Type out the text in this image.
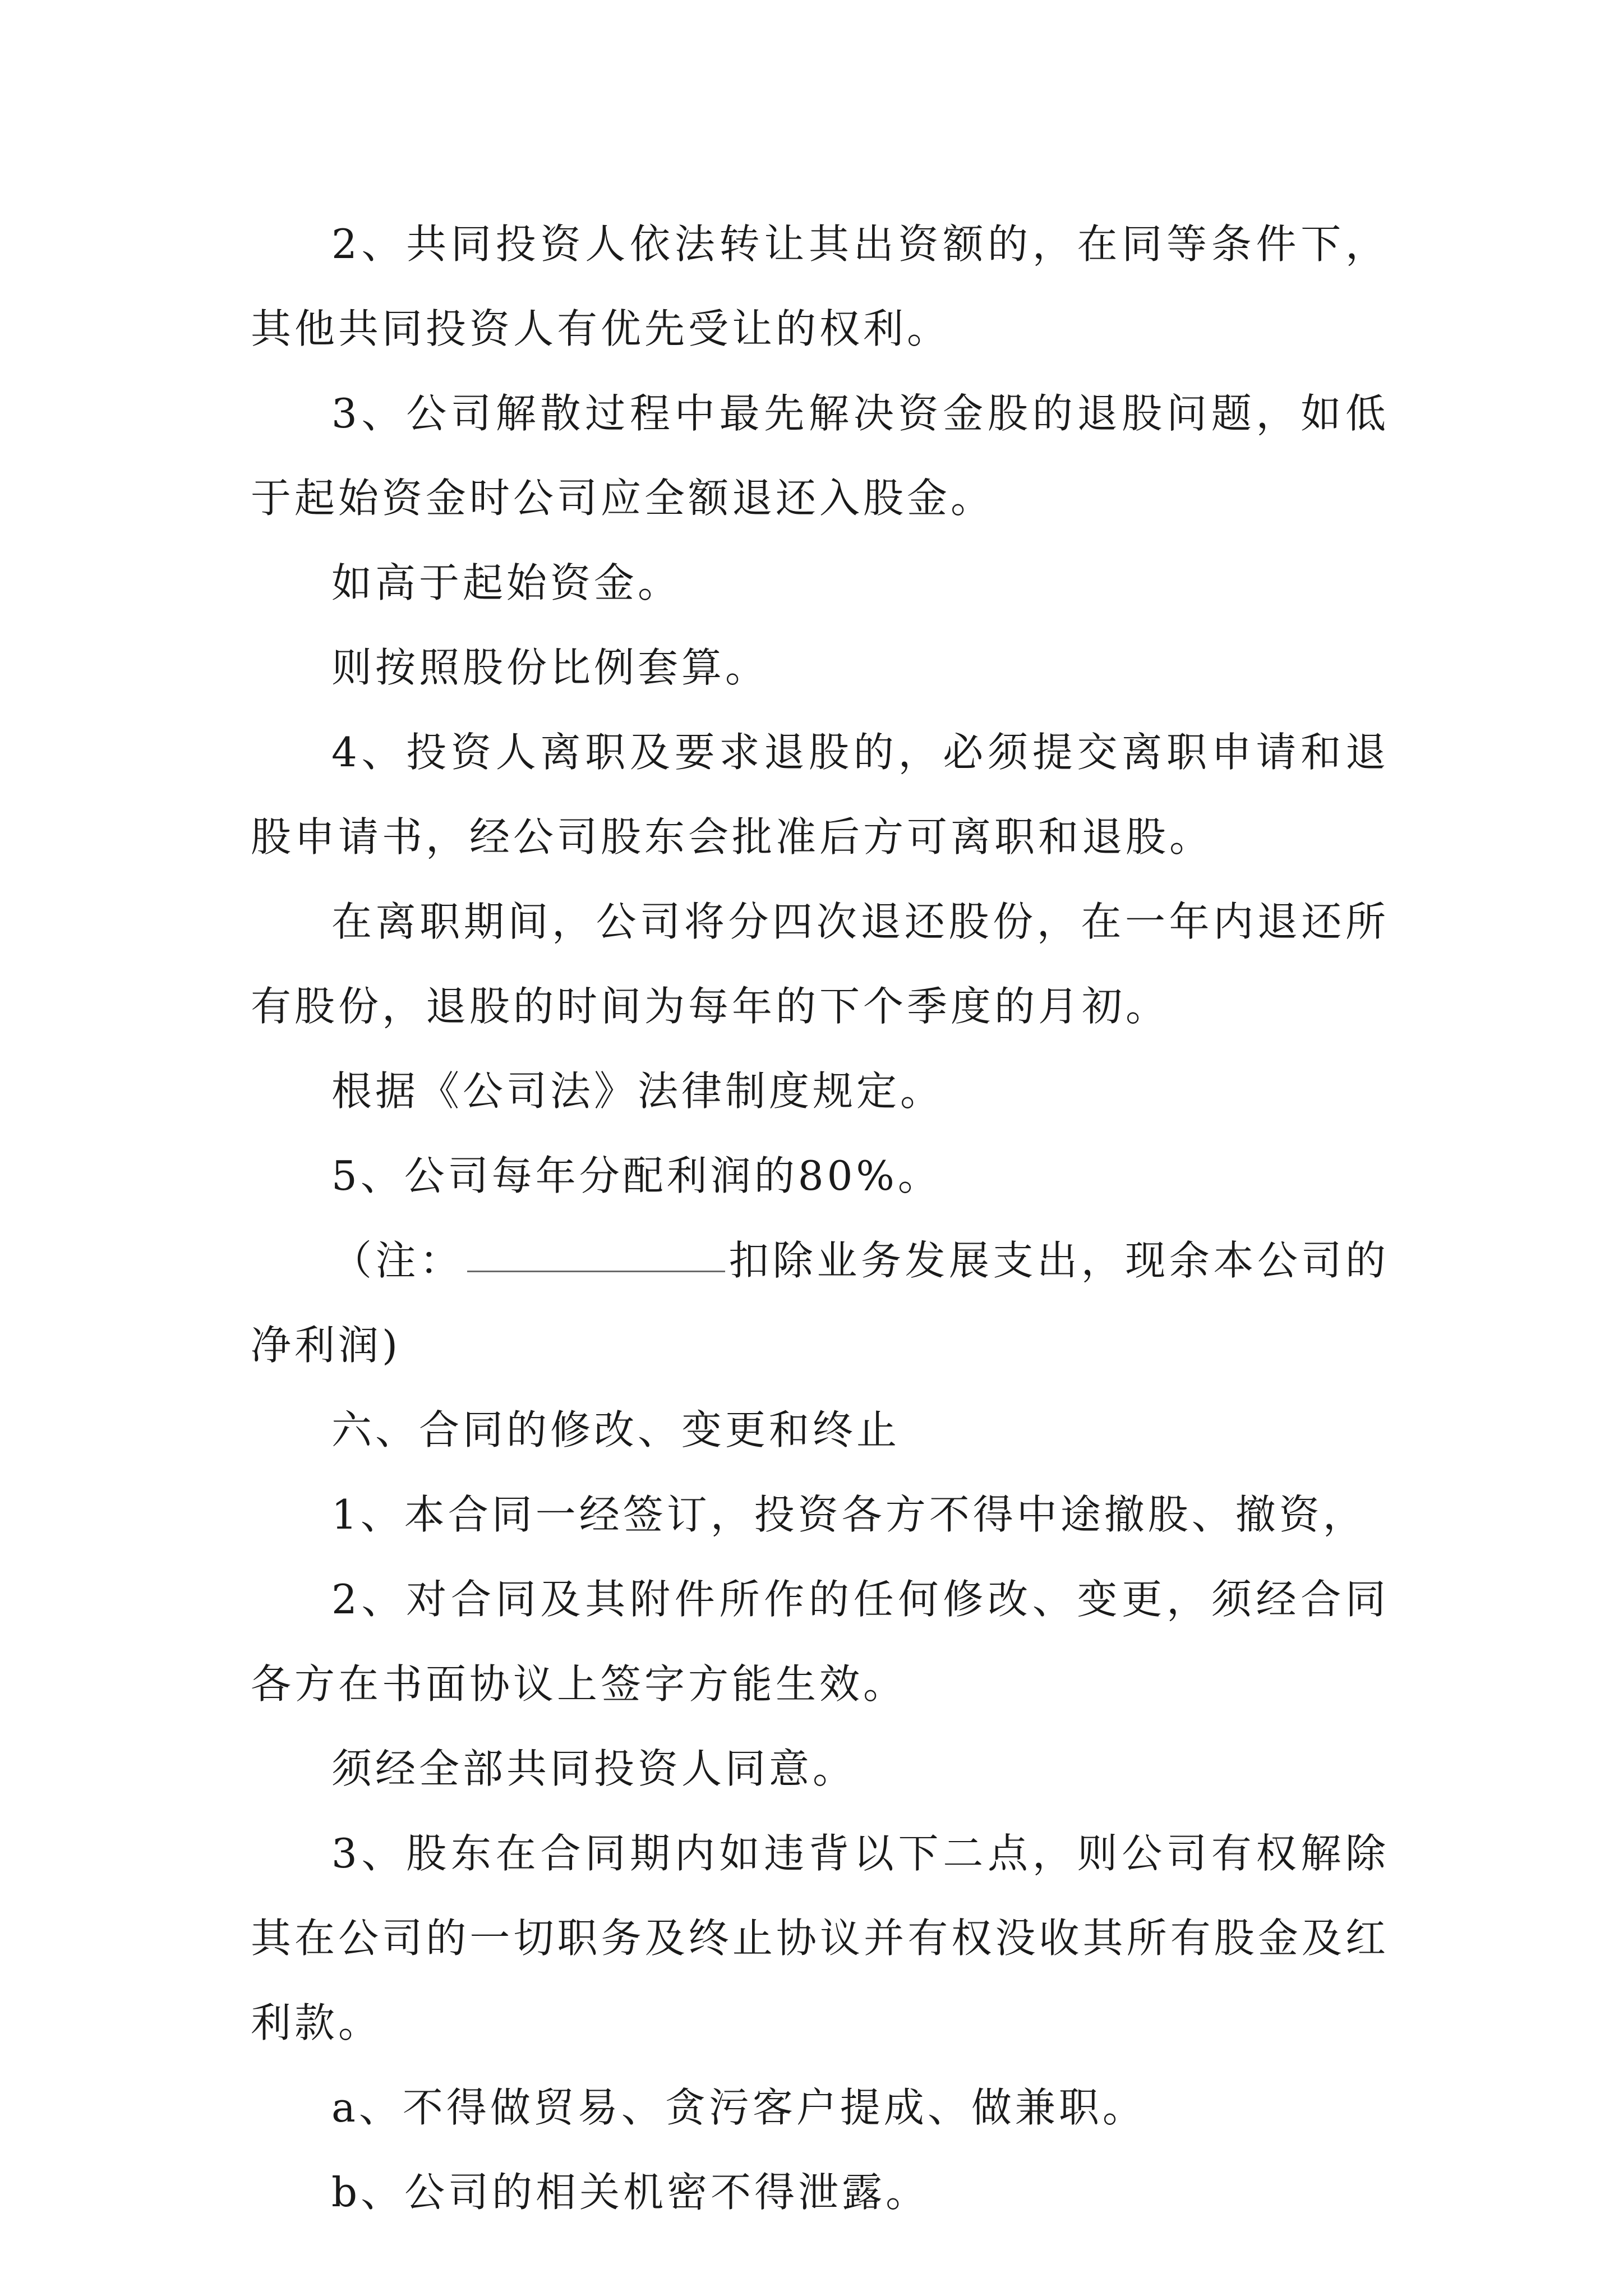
2、共同投资人依法转让其出资额的，在同等条件下，其他共同投资人有优先受让的权利。

3、公司解散过程中最先解决资金股的退股问题，如低于起始资金时公司应全额退还入股金。

如高于起始资金。

则按照股份比例套算。

4、投资人离职及要求退股的，必须提交离职申请和退股申请书，经公司股东会批准后方可离职和退股。

在离职期间，公司将分四次退还股份，在一年内退还所有股份，退股的时间为每年的下个季度的月初。

根据《公司法》法律制度规定。

5、公司每年分配利润的80%。

（注：	扣除业务发展支出，现余本公司的净利润)

六、合同的修改、变更和终止

1、本合同一经签订，投资各方不得中途撤股、撤资，

2、对合同及其附件所作的任何修改、变更，须经合同各方在书面协议上签字方能生效。

须经全部共同投资人同意。

3、股东在合同期内如违背以下二点，则公司有权解除其在公司的一切职务及终止协议并有权没收其所有股金及红利款。

a、不得做贸易、贪污客户提成、做兼职。

b、公司的相关机密不得泄露。
